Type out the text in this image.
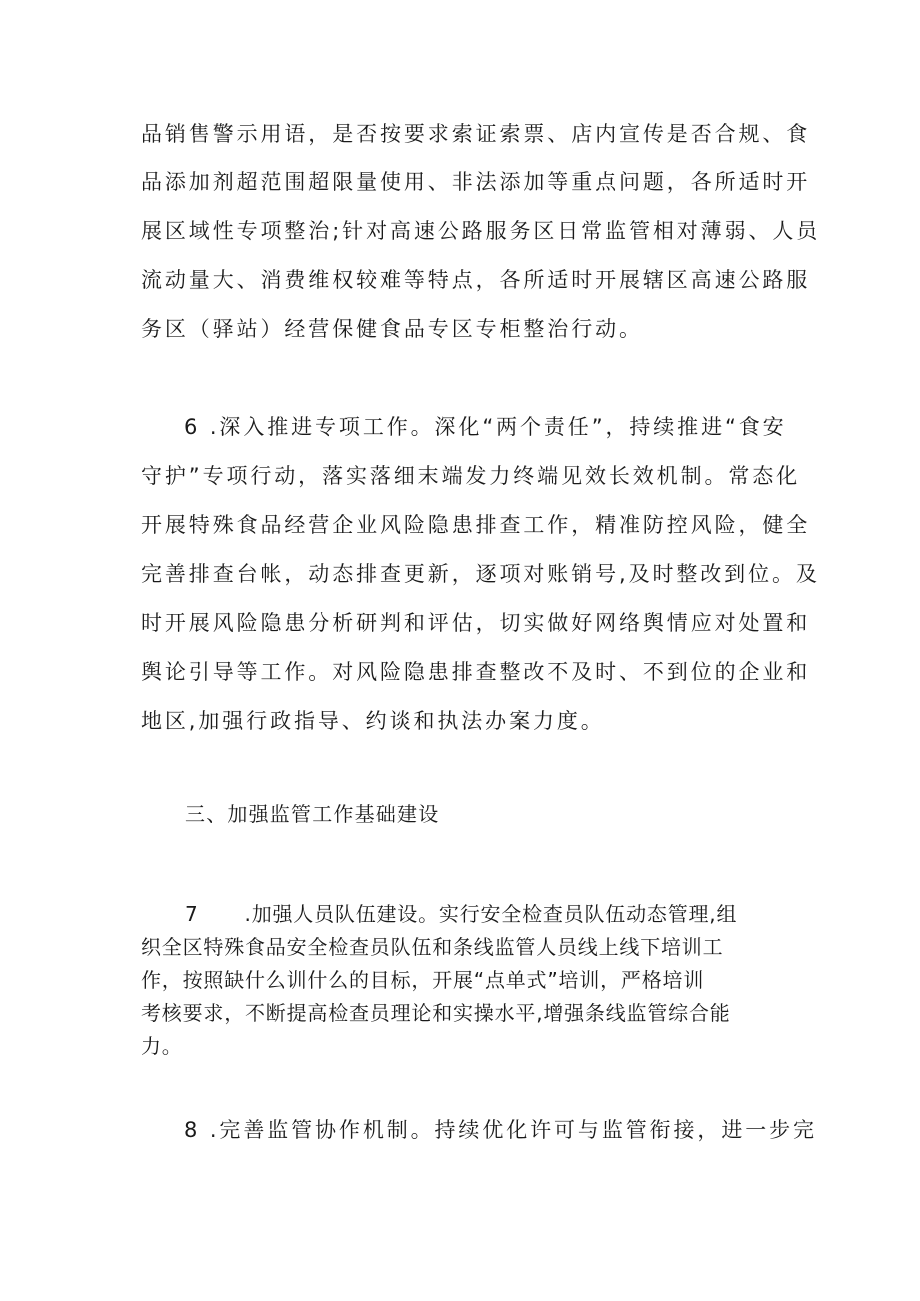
品销售警示用语，是否按要求索证索票、店内宣传是否合规、食

品添加剂超范围超限量使用、非法添加等重点问题，各所适时开

展区域性专项整治;针对高速公路服务区日常监管相对薄弱、人员

流动量大、消费维权较难等特点，各所适时开展辖区高速公路服

务区（驿站）经营保健食品专区专柜整治行动。

6 .深入推进专项工作。深化“两个责任”，持续推进“食安

守护”专项行动，落实落细末端发力终端见效长效机制。常态化

开展特殊食品经营企业风险隐患排查工作，精准防控风险，健全

完善排查台帐，动态排查更新，逐项对账销号,及时整改到位。及

时开展风险隐患分析研判和评估，切实做好网络舆情应对处置和

舆论引导等工作。对风险隐患排查整改不及时、不到位的企业和

地区,加强行政指导、约谈和执法办案力度。

三、加强监管工作基础建设

7 .加强人员队伍建设。实行安全检查员队伍动态管理,组

织全区特殊食品安全检查员队伍和条线监管人员线上线下培训工

作，按照缺什么训什么的目标，开展“点单式”培训，严格培训

考核要求，不断提高检查员理论和实操水平,增强条线监管综合能

力。

8 .完善监管协作机制。持续优化许可与监管衔接，进一步完
